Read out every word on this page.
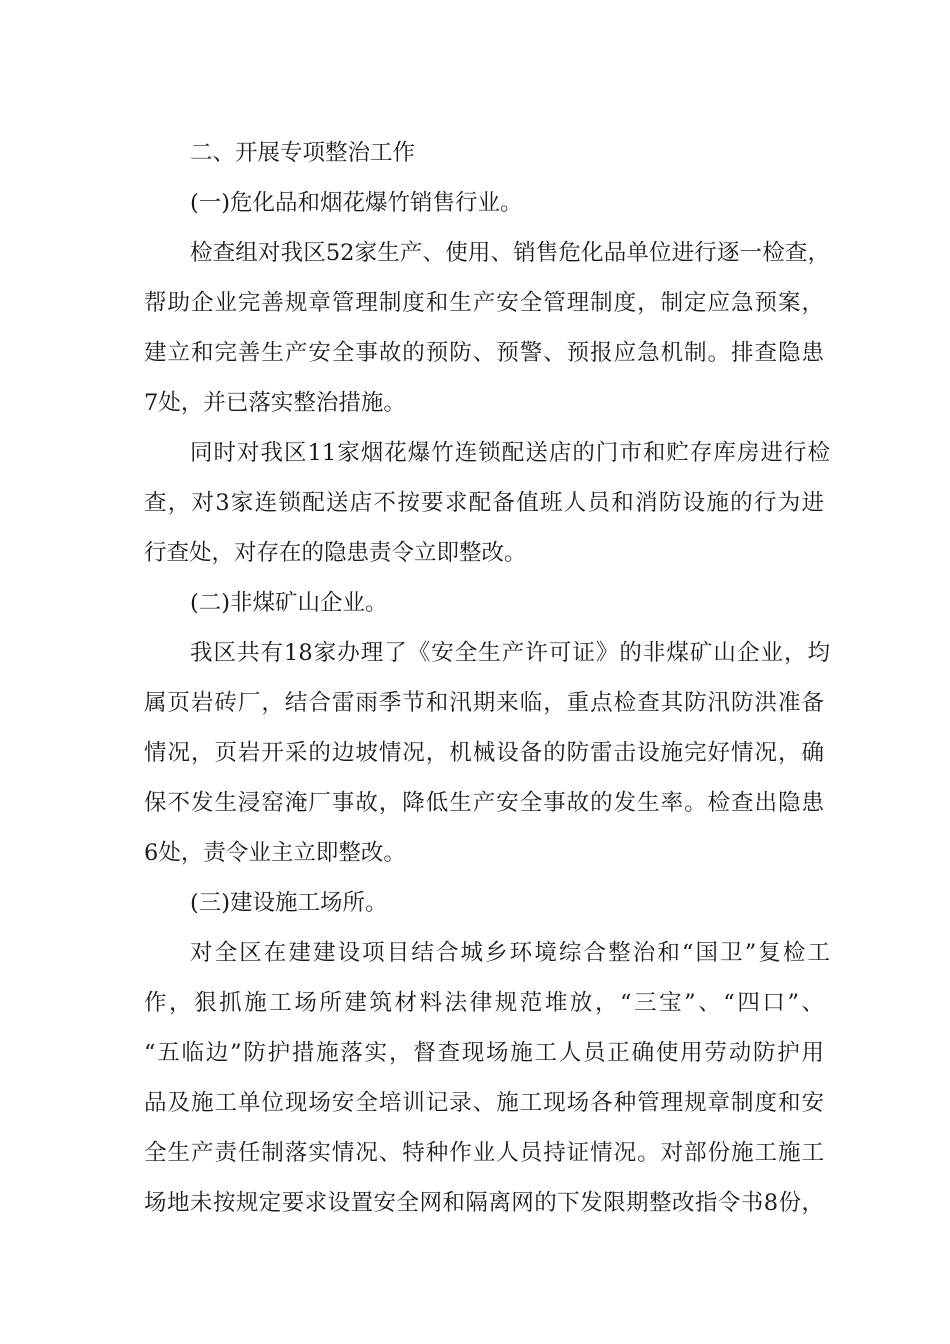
二、开展专项整治工作
(一)危化品和烟花爆竹销售行业。
检查组对我区52家生产、使用、销售危化品单位进行逐一检查，
帮助企业完善规章管理制度和生产安全管理制度，制定应急预案，
建立和完善生产安全事故的预防、预警、预报应急机制。排查隐患
7处，并已落实整治措施。
同时对我区11家烟花爆竹连锁配送店的门市和贮存库房进行检
查，对3家连锁配送店不按要求配备值班人员和消防设施的行为进
行查处，对存在的隐患责令立即整改。
(二)非煤矿山企业。
我区共有18家办理了《安全生产许可证》的非煤矿山企业，均
属页岩砖厂，结合雷雨季节和汛期来临，重点检查其防汛防洪准备
情况，页岩开采的边坡情况，机械设备的防雷击设施完好情况，确
保不发生浸窑淹厂事故，降低生产安全事故的发生率。检查出隐患
6处，责令业主立即整改。
(三)建设施工场所。
对全区在建建设项目结合城乡环境综合整治和“国卫”复检工
作，狠抓施工场所建筑材料法律规范堆放，“三宝”、“四口”、
“五临边”防护措施落实，督查现场施工人员正确使用劳动防护用
品及施工单位现场安全培训记录、施工现场各种管理规章制度和安
全生产责任制落实情况、特种作业人员持证情况。对部份施工施工
场地未按规定要求设置安全网和隔离网的下发限期整改指令书8份，
